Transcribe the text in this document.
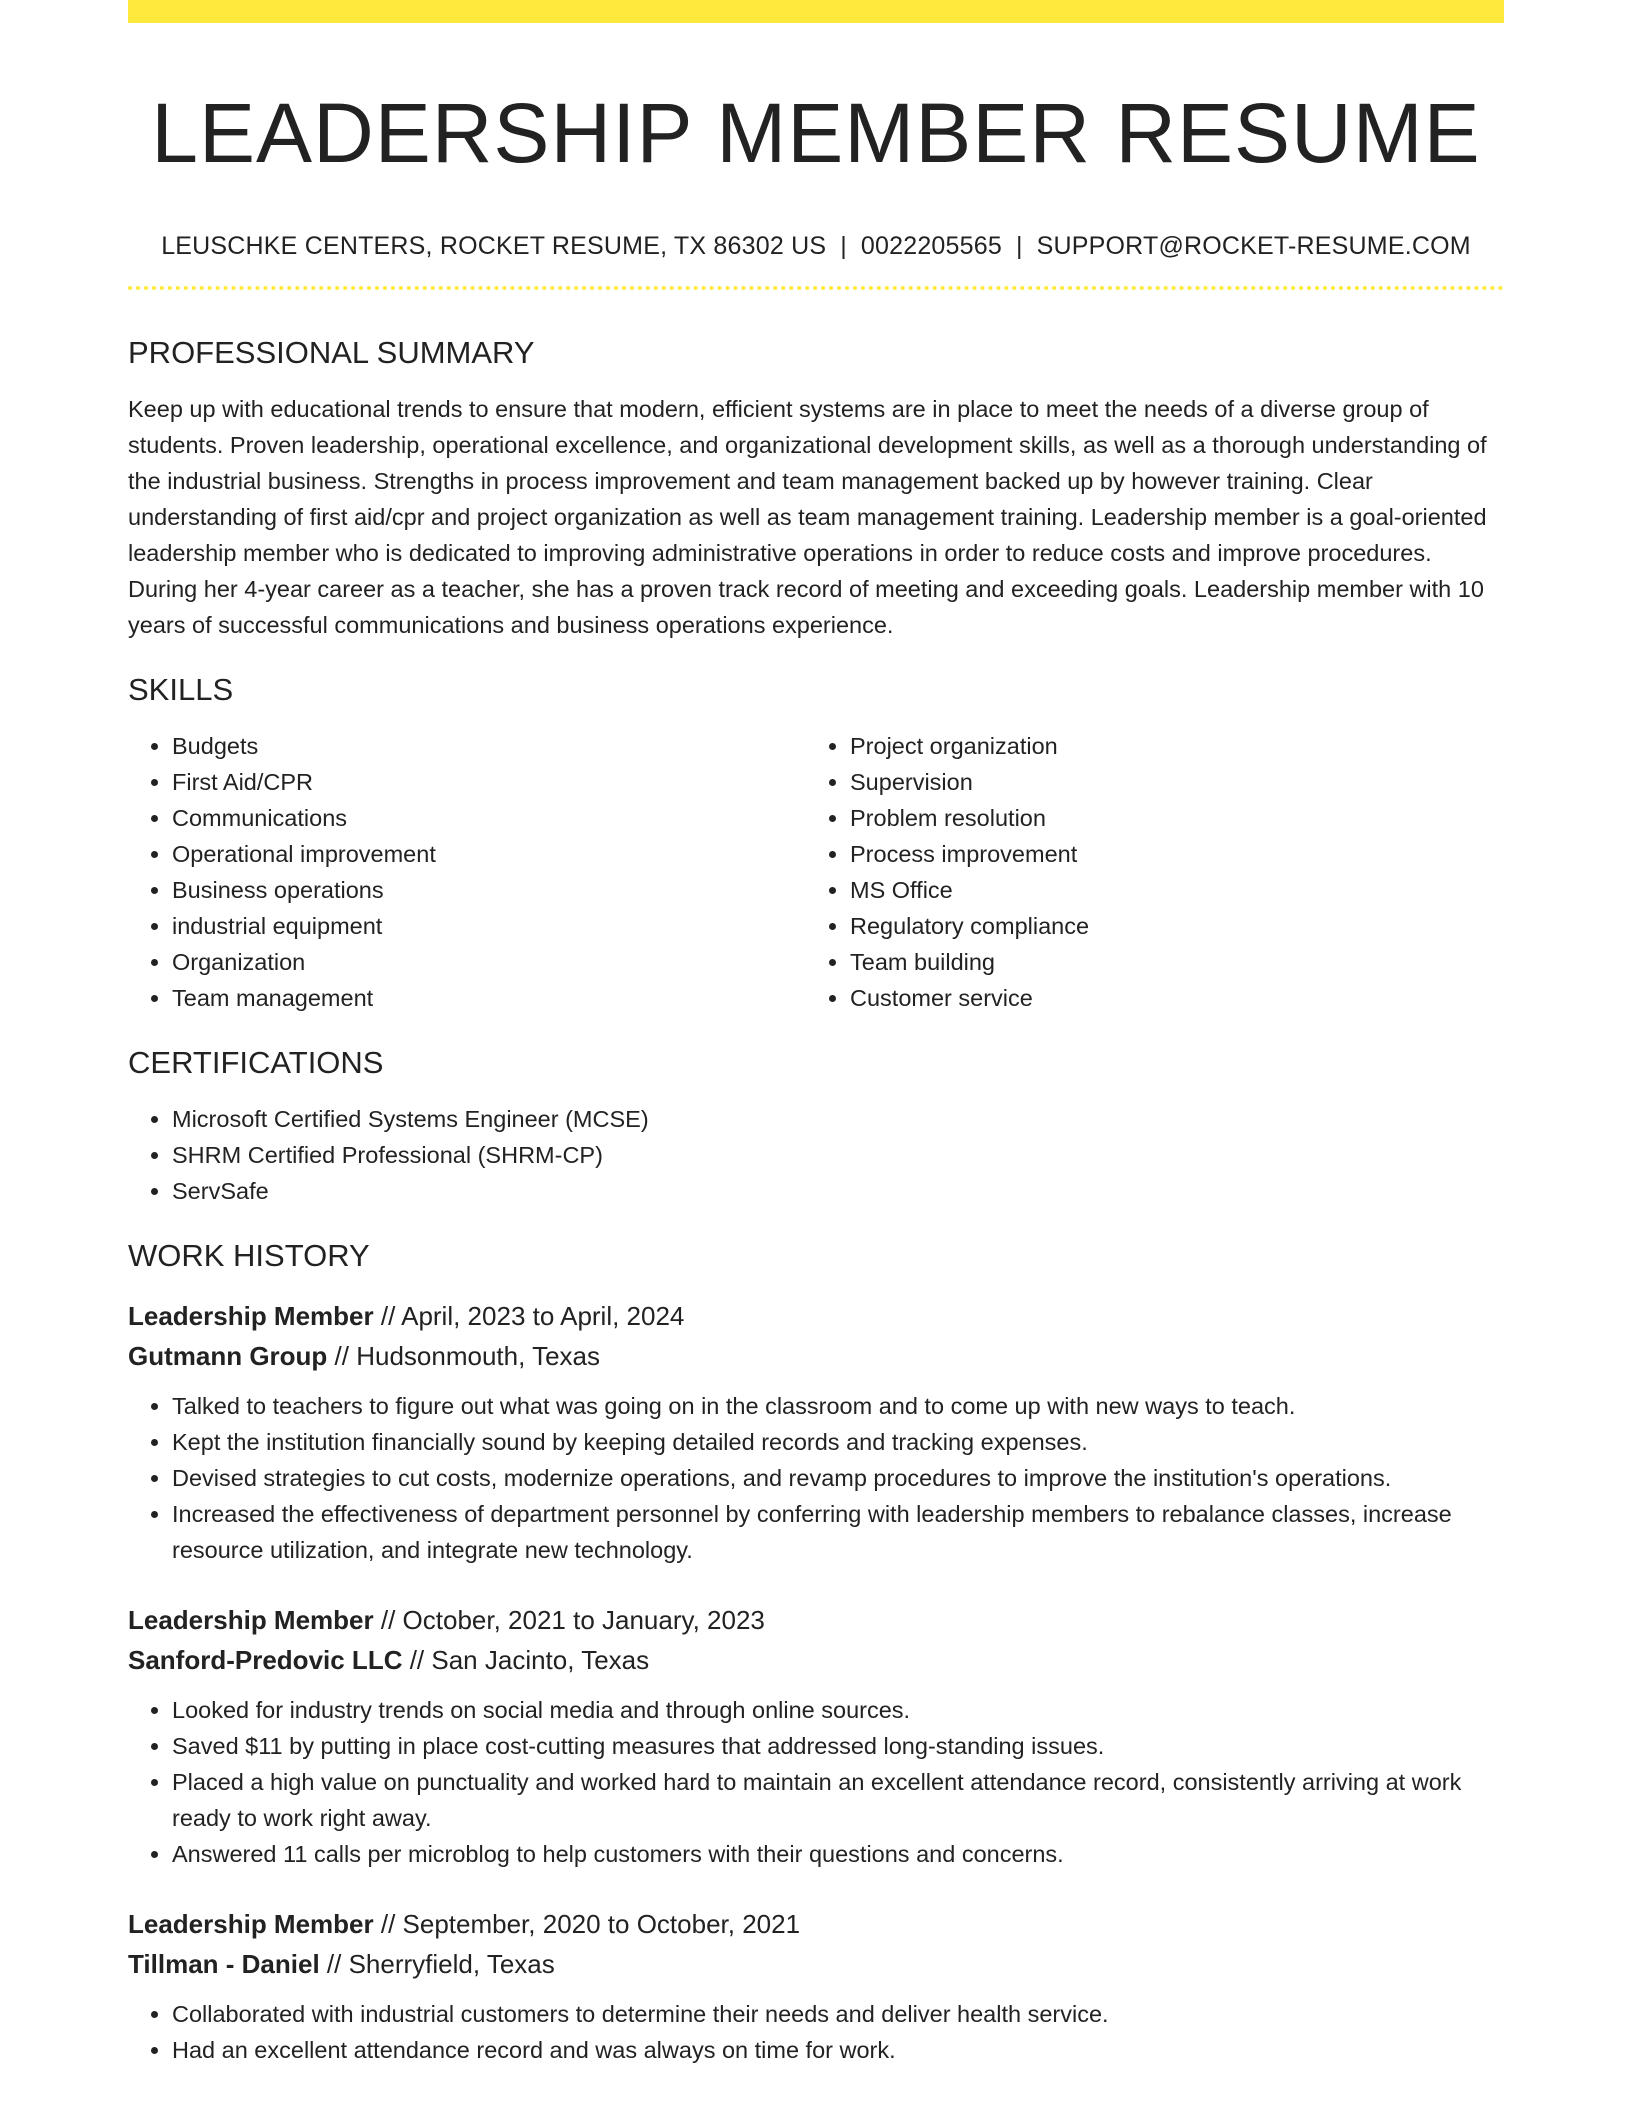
LEADERSHIP MEMBER RESUME
LEUSCHKE CENTERS, ROCKET RESUME, TX 86302 US | 0022205565 | SUPPORT@ROCKET-RESUME.COM
PROFESSIONAL SUMMARY

Keep up with educational trends to ensure that modern, efficient systems are in place to meet the needs of a diverse group of students. Proven leadership, operational excellence, and organizational development skills, as well as a thorough understanding of the industrial business. Strengths in process improvement and team management backed up by however training. Clear understanding of first aid/cpr and project organization as well as team management training. Leadership member is a goal-oriented leadership member who is dedicated to improving administrative operations in order to reduce costs and improve procedures. During her 4-year career as a teacher, she has a proven track record of meeting and exceeding goals. Leadership member with 10 years of successful communications and business operations experience.

SKILLS
• Budgets
• First Aid/CPR
• Communications
• Operational improvement
• Business operations
• industrial equipment
• Organization
• Team management
• Project organization
• Supervision
• Problem resolution
• Process improvement
• MS Office
• Regulatory compliance
• Team building
• Customer service
CERTIFICATIONS
• Microsoft Certified Systems Engineer (MCSE)
• SHRM Certified Professional (SHRM-CP)
• ServSafe
WORK HISTORY
Leadership Member // April, 2023 to April, 2024
Gutmann Group // Hudsonmouth, Texas
• Talked to teachers to figure out what was going on in the classroom and to come up with new ways to teach.
• Kept the institution financially sound by keeping detailed records and tracking expenses.
• Devised strategies to cut costs, modernize operations, and revamp procedures to improve the institution's operations.
• Increased the effectiveness of department personnel by conferring with leadership members to rebalance classes, increase resource utilization, and integrate new technology.
Leadership Member // October, 2021 to January, 2023
Sanford-Predovic LLC // San Jacinto, Texas
• Looked for industry trends on social media and through online sources.
• Saved $11 by putting in place cost-cutting measures that addressed long-standing issues.
• Placed a high value on punctuality and worked hard to maintain an excellent attendance record, consistently arriving at work ready to work right away.
• Answered 11 calls per microblog to help customers with their questions and concerns.
Leadership Member // September, 2020 to October, 2021
Tillman - Daniel // Sherryfield, Texas
• Collaborated with industrial customers to determine their needs and deliver health service.
• Had an excellent attendance record and was always on time for work.
